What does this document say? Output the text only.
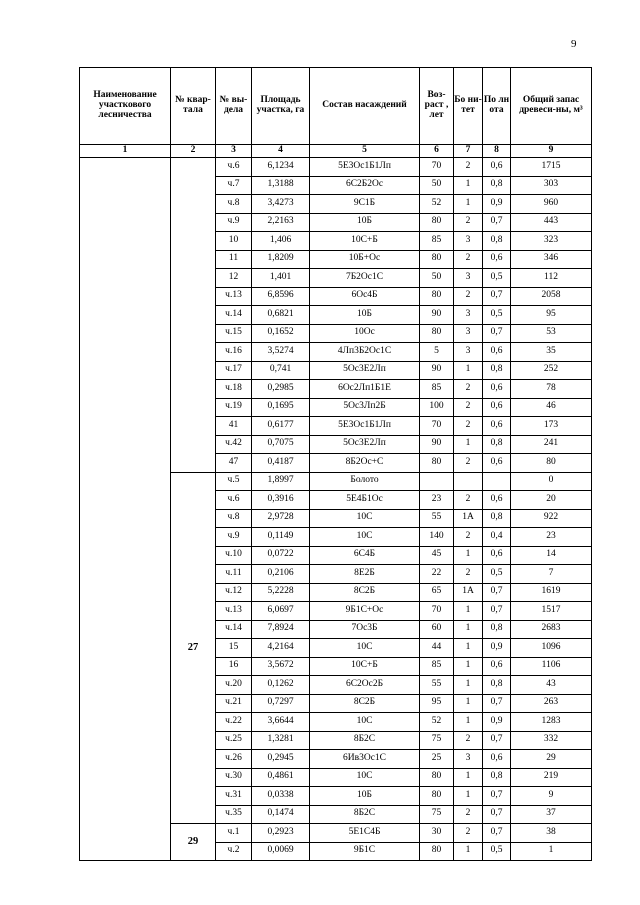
9
Наименование участкового лесничества	№ квар-тала	№ вы-дела	Площадь участка, га	Состав насаждений	Воз-раст , лет	Бо ни-тет	По лн ота	Общий запас древеси-ны, м³
1	2	3	4	5	6	7	8	9
		ч.6	6,1234	5Е3Ос1Б1Лп	70	2	0,6	1715
		ч.7	1,3188	6С2Б2Ос	50	1	0,8	303
		ч.8	3,4273	9С1Б	52	1	0,9	960
		ч.9	2,2163	10Б	80	2	0,7	443
		10	1,406	10С+Б	85	3	0,8	323
		11	1,8209	10Б+Ос	80	2	0,6	346
		12	1,401	7Б2Ос1С	50	3	0,5	112
		ч.13	6,8596	6Ос4Б	80	2	0,7	2058
		ч.14	0,6821	10Б	90	3	0,5	95
		ч.15	0,1652	10Ос	80	3	0,7	53
		ч.16	3,5274	4Лп3Б2Ос1С	5	3	0,6	35
		ч.17	0,741	5Ос3Е2Лп	90	1	0,8	252
		ч.18	0,2985	6Ос2Лп1Б1Е	85	2	0,6	78
		ч.19	0,1695	5Ос3Лп2Б	100	2	0,6	46
		41	0,6177	5Е3Ос1Б1Лп	70	2	0,6	173
		ч.42	0,7075	5Ос3Е2Лп	90	1	0,8	241
		47	0,4187	8Б2Ос+С	80	2	0,6	80
	27	ч.5	1,8997	Болото				0
		ч.6	0,3916	5Е4Б1Ос	23	2	0,6	20
		ч.8	2,9728	10С	55	1А	0,8	922
		ч.9	0,1149	10С	140	2	0,4	23
		ч.10	0,0722	6С4Б	45	1	0,6	14
		ч.11	0,2106	8Е2Б	22	2	0,5	7
		ч.12	5,2228	8С2Б	65	1А	0,7	1619
		ч.13	6,0697	9Б1С+Ос	70	1	0,7	1517
		ч.14	7,8924	7Ос3Б	60	1	0,8	2683
		15	4,2164	10С	44	1	0,9	1096
		16	3,5672	10С+Б	85	1	0,6	1106
		ч.20	0,1262	6С2Ос2Б	55	1	0,8	43
		ч.21	0,7297	8С2Б	95	1	0,7	263
		ч.22	3,6644	10С	52	1	0,9	1283
		ч.25	1,3281	8Б2С	75	2	0,7	332
		ч.26	0,2945	6Ив3Ос1С	25	3	0,6	29
		ч.30	0,4861	10С	80	1	0,8	219
		ч.31	0,0338	10Б	80	1	0,7	9
		ч.35	0,1474	8Б2С	75	2	0,7	37
	29	ч.1	0,2923	5Е1С4Б	30	2	0,7	38
		ч.2	0,0069	9Б1С	80	1	0,5	1
